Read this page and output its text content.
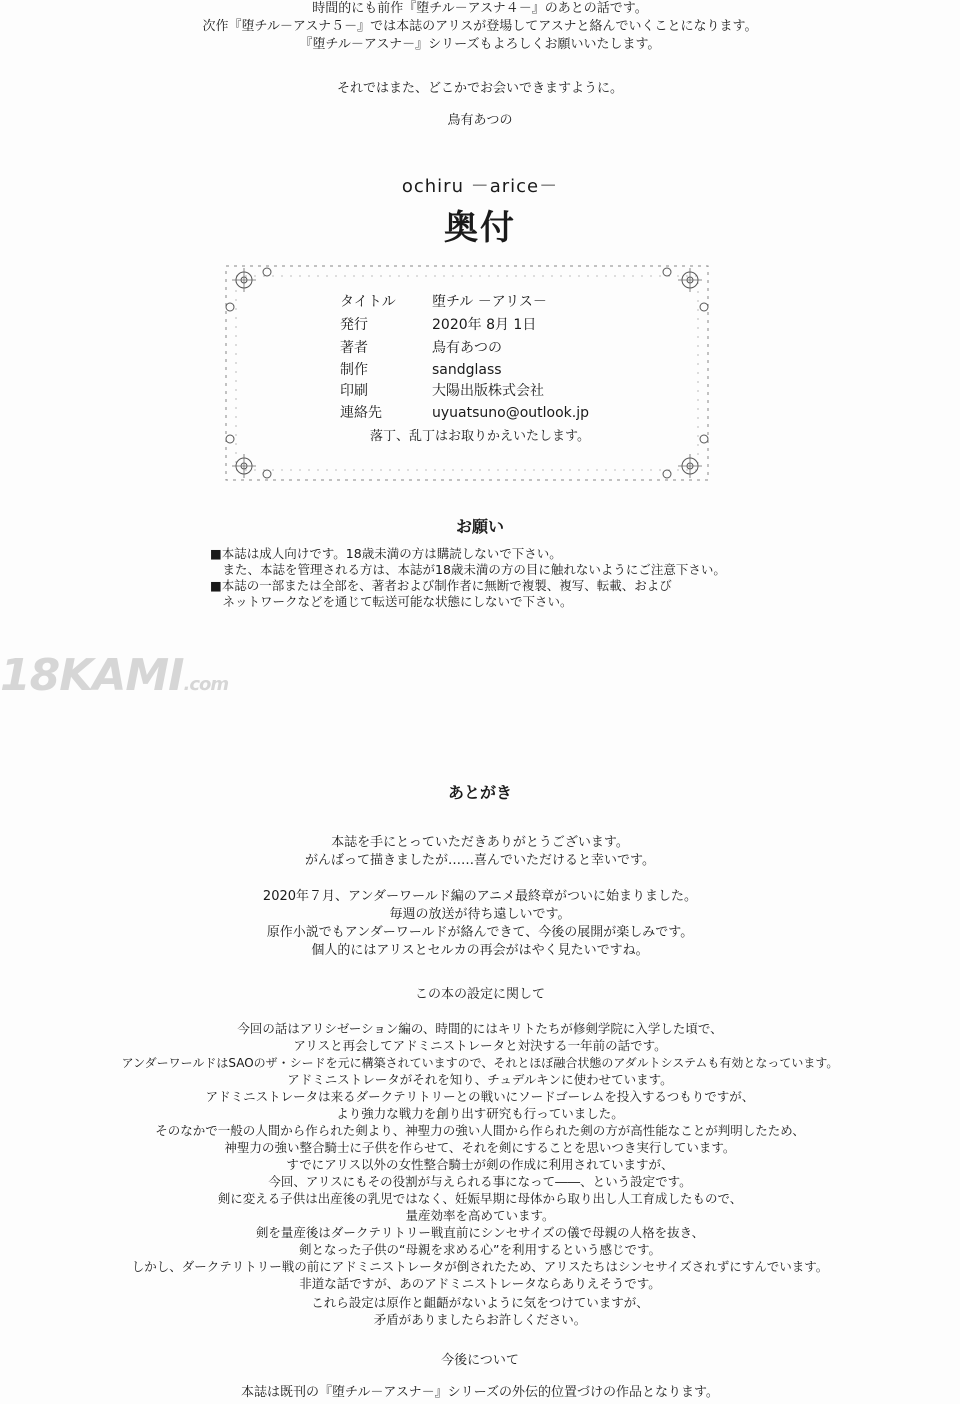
時間的にも前作『堕チル－アスナ４－』のあとの話です。
次作『堕チル－アスナ５－』では本誌のアリスが登場してアスナと絡んでいくことになります。
『堕チル－アスナ－』シリーズもよろしくお願いいたします。
それではまた、どこかでお会いできますように。
鳥有あつの
ochiru －arice－
奥付
タイトル	堕チル －アリス－
発行	2020年 8月 1日
著者	鳥有あつの
制作	sandglass
印刷	大陽出版株式会社
連絡先	uyuatsuno@outlook.jp
落丁、乱丁はお取りかえいたします。
お願い
■本誌は成人向けです。18歳未満の方は購読しないで下さい。
　また、本誌を管理される方は、本誌が18歳未満の方の目に触れないようにご注意下さい。
■本誌の一部または全部を、著者および制作者に無断で複製、複写、転載、および
　ネットワークなどを通じて転送可能な状態にしないで下さい。
18KAMI.com
あとがき
本誌を手にとっていただきありがとうございます。
がんばって描きましたが……喜んでいただけると幸いです。
2020年７月、アンダーワールド編のアニメ最終章がついに始まりました。
毎週の放送が待ち遠しいです。
原作小説でもアンダーワールドが絡んできて、今後の展開が楽しみです。
個人的にはアリスとセルカの再会がはやく見たいですね。
この本の設定に関して
今回の話はアリシゼーション編の、時間的にはキリトたちが修剣学院に入学した頃で、
アリスと再会してアドミニストレータと対決する一年前の話です。
アンダーワールドはSAOのザ・シードを元に構築されていますので、それとほぼ融合状態のアダルトシステムも有効となっています。
アドミニストレータがそれを知り、チュデルキンに使わせています。
アドミニストレータは来るダークテリトリーとの戦いにソードゴーレムを投入するつもりですが、
より強力な戦力を創り出す研究も行っていました。
そのなかで一般の人間から作られた剣より、神聖力の強い人間から作られた剣の方が高性能なことが判明したため、
神聖力の強い整合騎士に子供を作らせて、それを剣にすることを思いつき実行しています。
すでにアリス以外の女性整合騎士が剣の作成に利用されていますが、
今回、アリスにもその役割が与えられる事になって――、という設定です。
剣に変える子供は出産後の乳児ではなく、妊娠早期に母体から取り出し人工育成したもので、
量産効率を高めています。
剣を量産後はダークテリトリー戦直前にシンセサイズの儀で母親の人格を抜き、
剣となった子供の“母親を求める心”を利用するという感じです。
しかし、ダークテリトリー戦の前にアドミニストレータが倒されたため、アリスたちはシンセサイズされずにすんでいます。
非道な話ですが、あのアドミニストレータならありえそうです。
これら設定は原作と齟齬がないように気をつけていますが、
矛盾がありましたらお許しください。
今後について
本誌は既刊の『堕チル－アスナ－』シリーズの外伝的位置づけの作品となります。
